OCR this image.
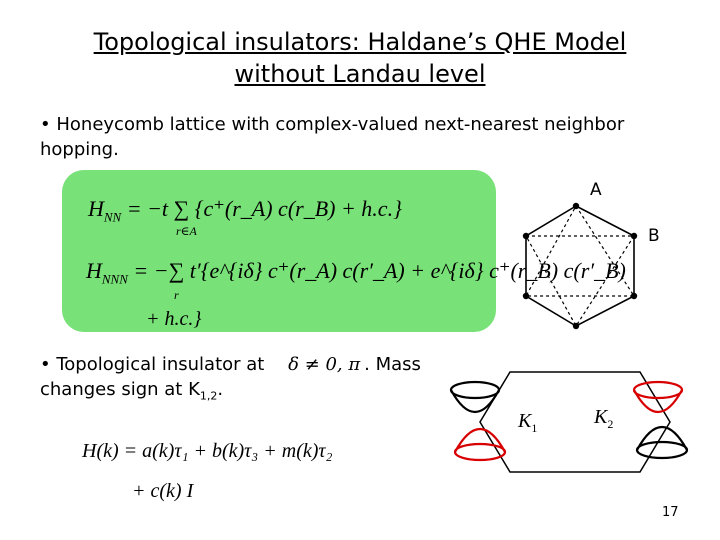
Topological insulators: Haldane’s QHE Model
without Landau level
• Honeycomb lattice with complex-valued next-nearest neighbor hopping.
$H_{NN} = -t$ ∑ {c⁺(r_A) c(r_B) + h.c.}
r∈A
$H_{NNN}$ = −∑ t′{e^{iδ} c⁺(r_A) c(r′_A) + e^{iδ} c⁺(r_B) c(r′_B)
r
+ h.c.}
A
B
• Topological insulator at δ ≠ 0, π . Mass
changes sign at $K_{1,2}$.
$K_1$	$K_2$
H(k) = a(k)τ₁ + b(k)τ₃ + m(k)τ₂
+ c(k) I
17
